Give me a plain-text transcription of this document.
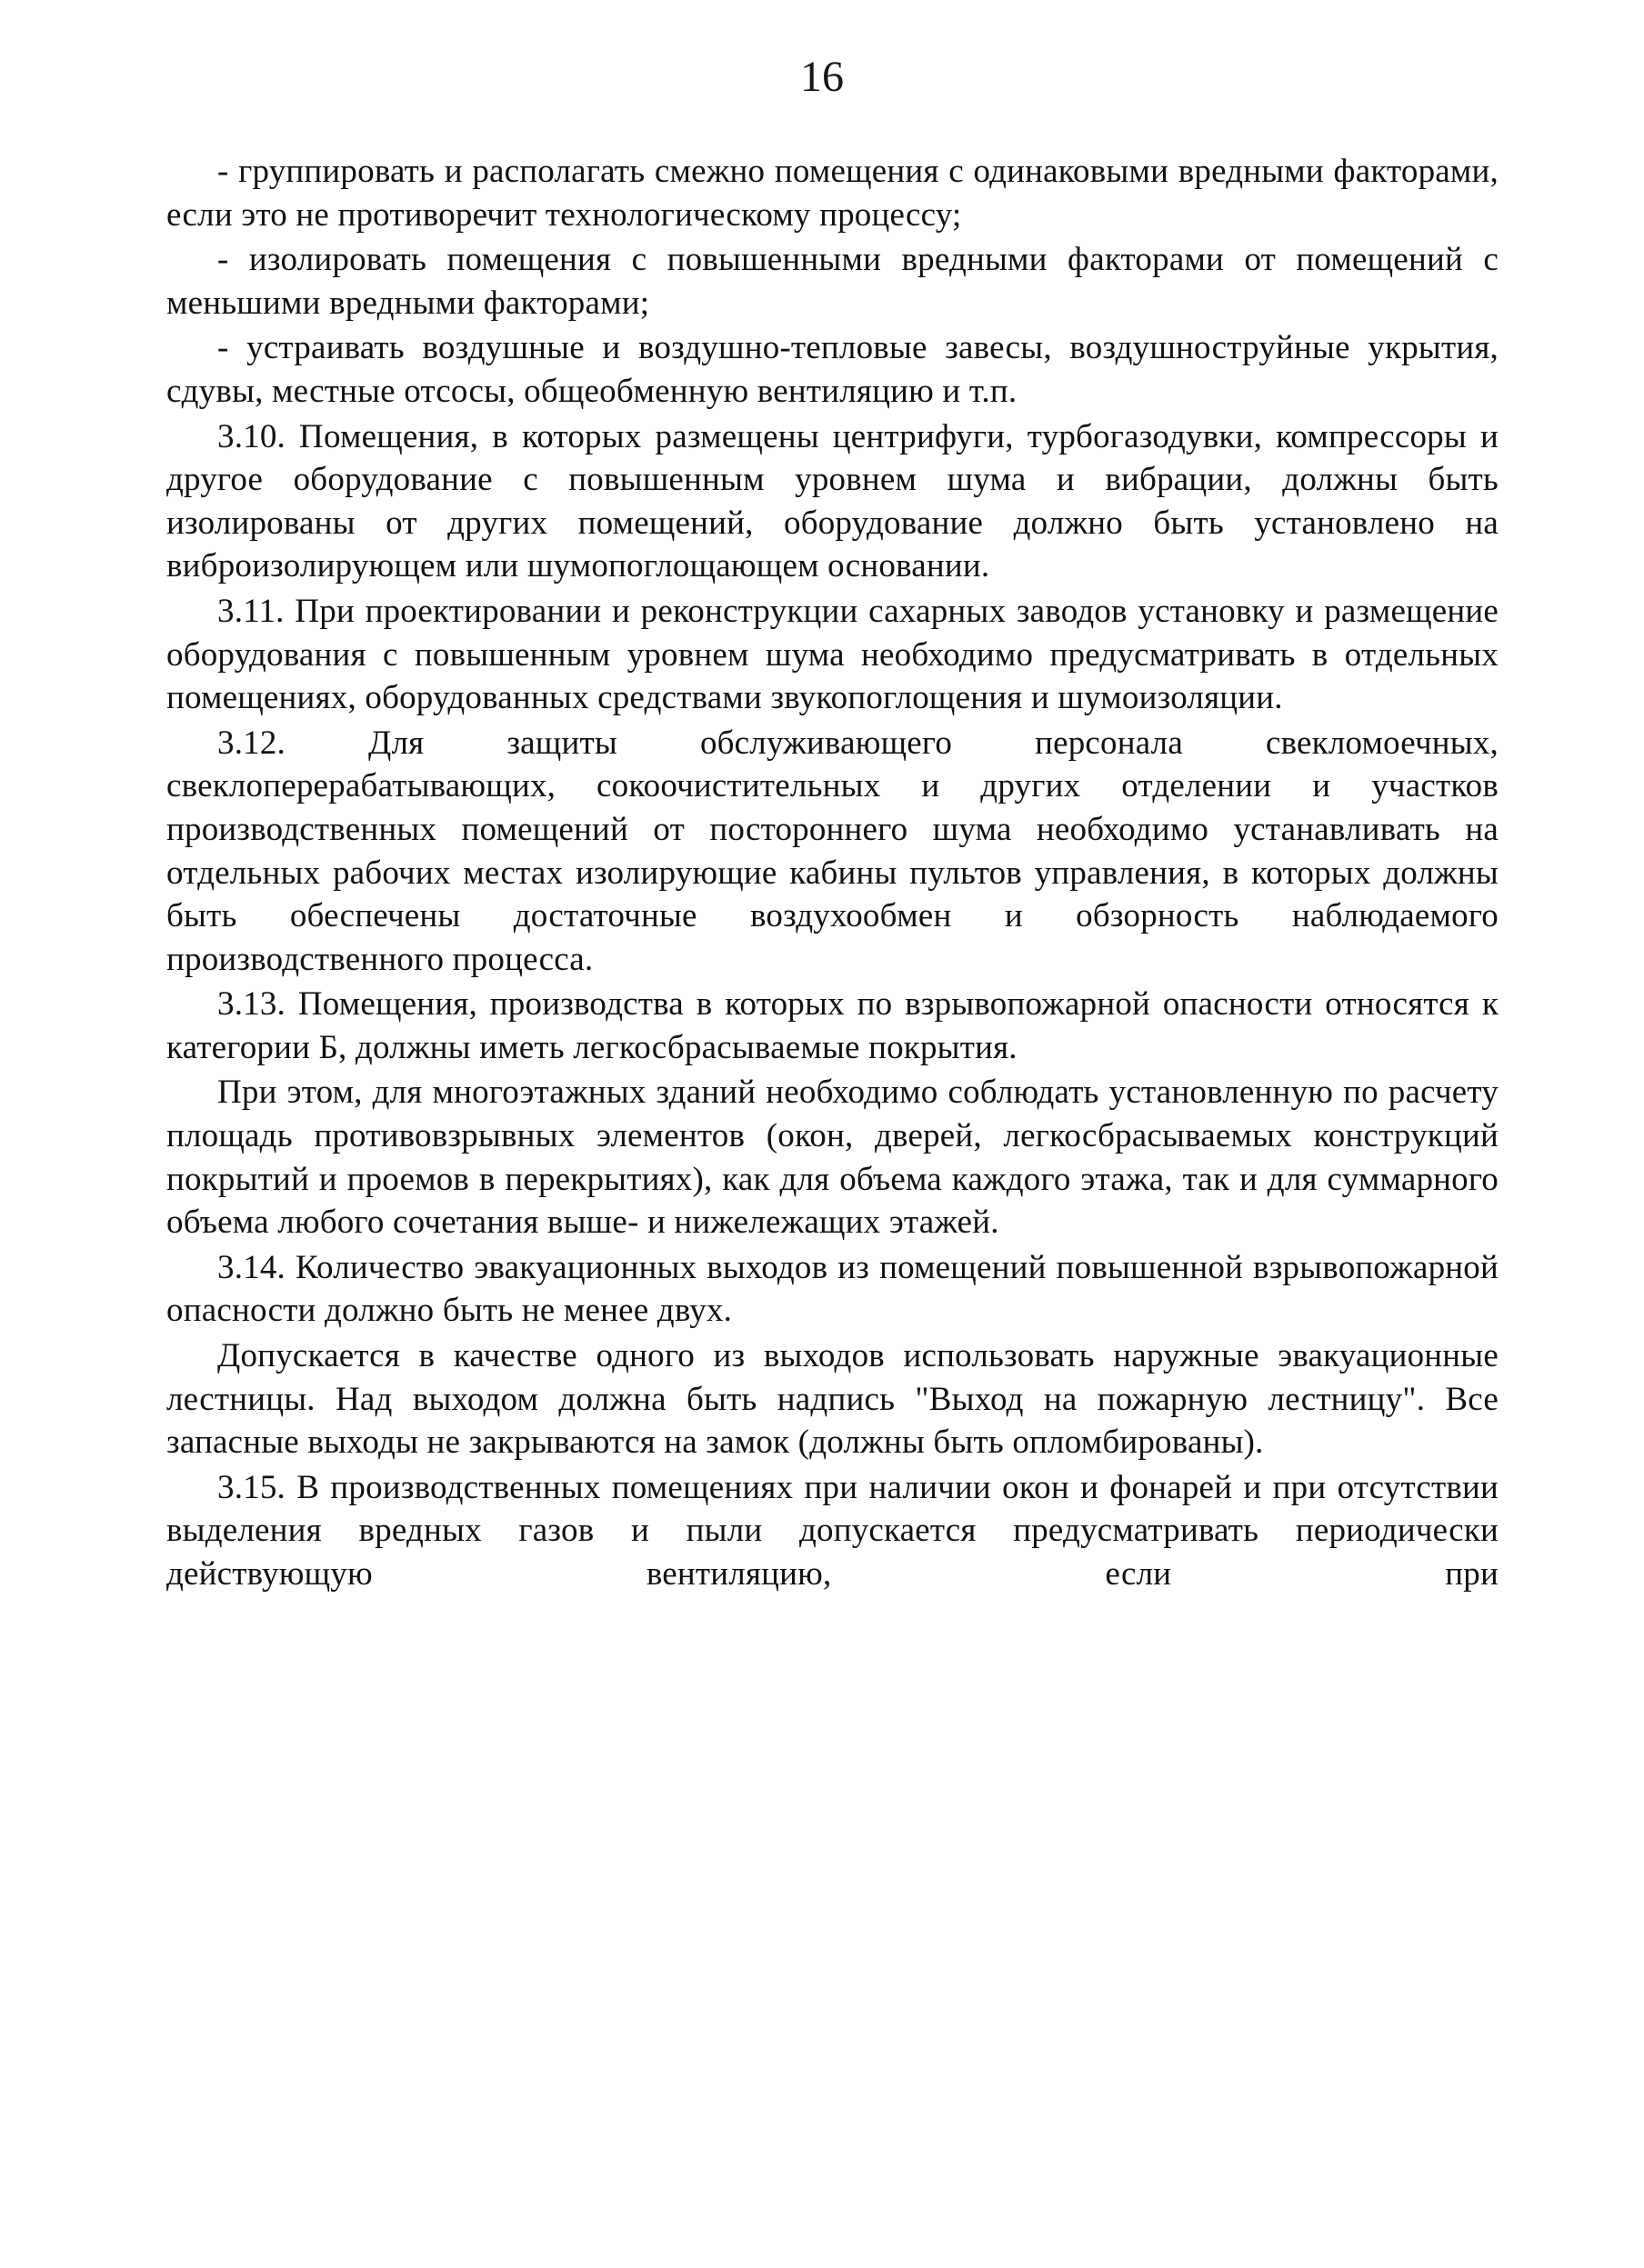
16

- группировать и располагать смежно помещения с одинаковыми вредными факторами, если это не противоречит технологическому процессу;

- изолировать помещения с повышенными вредными факторами от помещений с меньшими вредными факторами;

- устраивать воздушные и воздушно-тепловые завесы, воздушноструйные укрытия, сдувы, местные отсосы, общеобменную вентиляцию и т.п.

3.10. Помещения, в которых размещены центрифуги, турбогазодувки, компрессоры и другое оборудование с повышенным уровнем шума и вибрации, должны быть изолированы от других помещений, оборудование должно быть установлено на виброизолирующем или шумопоглощающем основании.

3.11. При проектировании и реконструкции сахарных заводов установку и размещение оборудования с повышенным уровнем шума необходимо предусматривать в отдельных помещениях, оборудованных средствами звукопоглощения и шумоизоляции.

3.12. Для защиты обслуживающего персонала свекломоечных, свеклоперерабатывающих, сокоочистительных и других отделении и участков производственных помещений от постороннего шума необходимо устанавливать на отдельных рабочих местах изолирующие кабины пультов управления, в которых должны быть обеспечены достаточные воздухообмен и обзорность наблюдаемого производственного процесса.

3.13. Помещения, производства в которых по взрывопожарной опасности относятся к категории Б, должны иметь легкосбрасываемые покрытия.

При этом, для многоэтажных зданий необходимо соблюдать установленную по расчету площадь противовзрывных элементов (окон, дверей, легкосбрасываемых конструкций покрытий и проемов в перекрытиях), как для объема каждого этажа, так и для суммарного объема любого сочетания выше- и нижележащих этажей.

3.14. Количество эвакуационных выходов из помещений повышенной взрывопожарной опасности должно быть не менее двух.

Допускается в качестве одного из выходов использовать наружные эвакуационные лестницы. Над выходом должна быть надпись "Выход на пожарную лестницу". Все запасные выходы не закрываются на замок (должны быть опломбированы).

3.15. В производственных помещениях при наличии окон и фонарей и при отсутствии выделения вредных газов и пыли допускается предусматривать периодически действующую вентиляцию, если при
